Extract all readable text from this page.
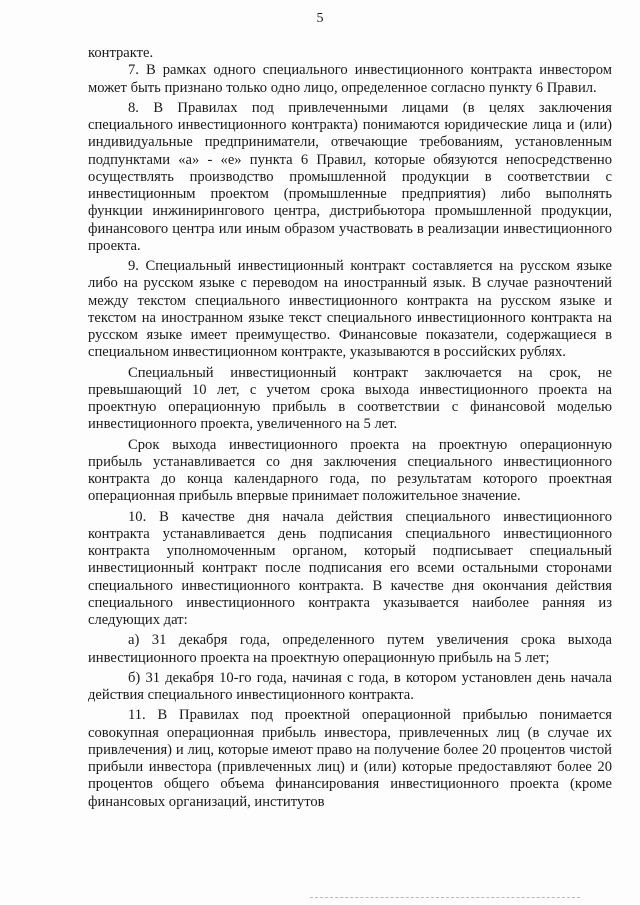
5

контракте.

7. В рамках одного специального инвестиционного контракта инвестором может быть признано только одно лицо, определенное согласно пункту 6 Правил.

8. В Правилах под привлеченными лицами (в целях заключения специального инвестиционного контракта) понимаются юридические лица и (или) индивидуальные предприниматели, отвечающие требованиям, установленным подпунктами «а» - «е» пункта 6 Правил, которые обязуются непосредственно осуществлять производство промышленной продукции в соответствии с инвестиционным проектом (промышленные предприятия) либо выполнять функции инжинирингового центра, дистрибьютора промышленной продукции, финансового центра или иным образом участвовать в реализации инвестиционного проекта.

9. Специальный инвестиционный контракт составляется на русском языке либо на русском языке с переводом на иностранный язык. В случае разночтений между текстом специального инвестиционного контракта на русском языке и текстом на иностранном языке текст специального инвестиционного контракта на русском языке имеет преимущество. Финансовые показатели, содержащиеся в специальном инвестиционном контракте, указываются в российских рублях.

Специальный инвестиционный контракт заключается на срок, не превышающий 10 лет, с учетом срока выхода инвестиционного проекта на проектную операционную прибыль в соответствии с финансовой моделью инвестиционного проекта, увеличенного на 5 лет.

Срок выхода инвестиционного проекта на проектную операционную прибыль устанавливается со дня заключения специального инвестиционного контракта до конца календарного года, по результатам которого проектная операционная прибыль впервые принимает положительное значение.

10. В качестве дня начала действия специального инвестиционного контракта устанавливается день подписания специального инвестиционного контракта уполномоченным органом, который подписывает специальный инвестиционный контракт после подписания его всеми остальными сторонами специального инвестиционного контракта. В качестве дня окончания действия специального инвестиционного контракта указывается наиболее ранняя из следующих дат:

а) 31 декабря года, определенного путем увеличения срока выхода инвестиционного проекта на проектную операционную прибыль на 5 лет;

б) 31 декабря 10-го года, начиная с года, в котором установлен день начала действия специального инвестиционного контракта.

11. В Правилах под проектной операционной прибылью понимается совокупная операционная прибыль инвестора, привлеченных лиц (в случае их привлечения) и лиц, которые имеют право на получение более 20 процентов чистой прибыли инвестора (привлеченных лиц) и (или) которые предоставляют более 20 процентов общего объема финансирования инвестиционного проекта (кроме финансовых организаций, институтов
